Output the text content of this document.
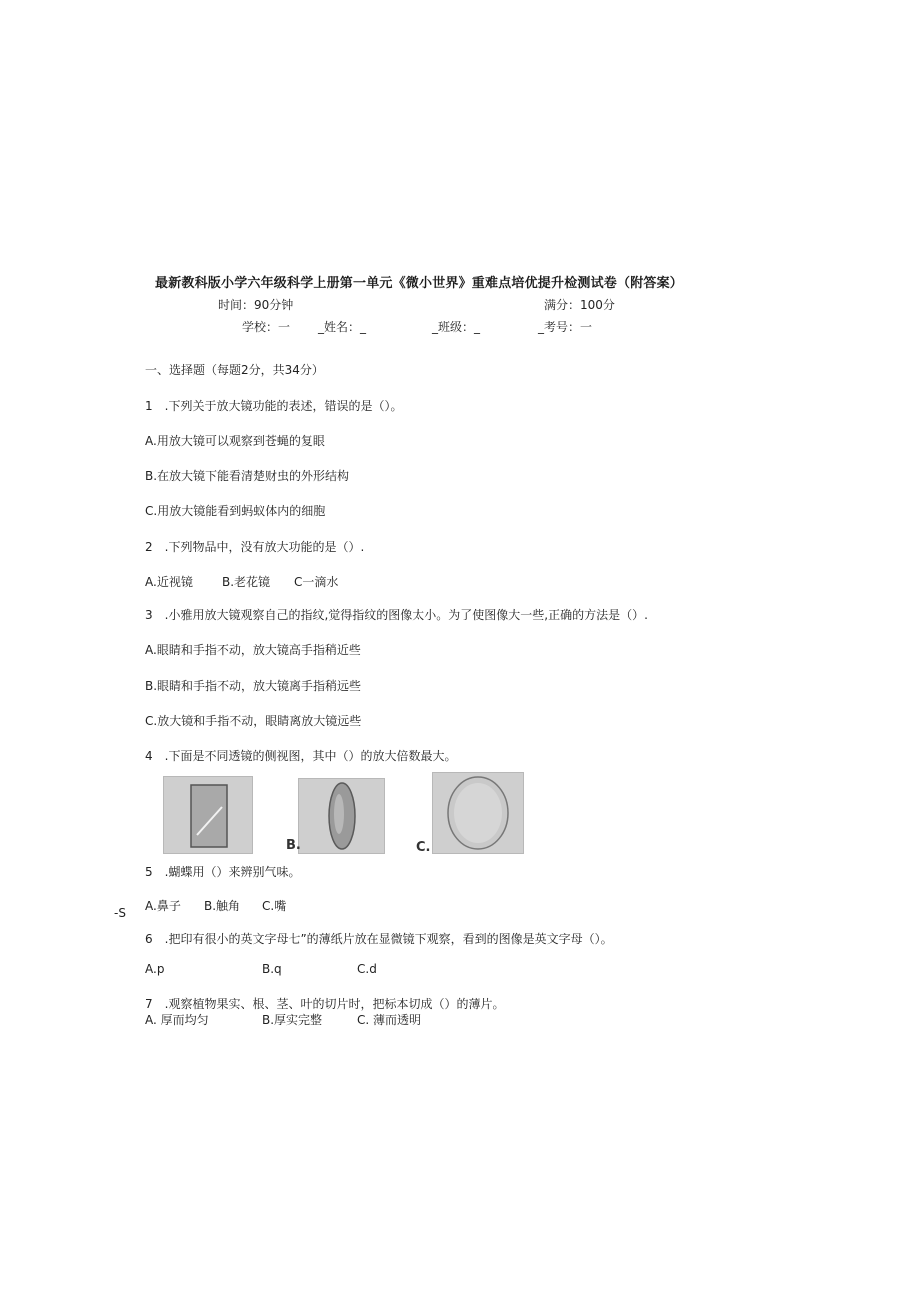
最新教科版小学六年级科学上册第一单元《微小世界》重难点培优提升检测试卷（附答案）
时间：90分钟	满分：100分
学校：一 _姓名：_	_班级：_	_考号：一
一、选择题（每题2分，共34分）
1　.下列关于放大镜功能的表述，错误的是（）。
A.用放大镜可以观察到苍蝇的复眼
B.在放大镜下能看清楚财虫的外形结构
C.用放大镜能看到蚂蚁体内的细胞
2　.下列物品中，没有放大功能的是（）.
A.近视镜 B.老花镜 C一滴水
3　.小雅用放大镜观察自己的指纹,觉得指纹的图像太小。为了使图像大一些,正确的方法是（）.
A.眼睛和手指不动，放大镜高手指稍近些
B.眼睛和手指不动，放大镜离手指稍远些
C.放大镜和手指不动，眼睛离放大镜远些
4　.下面是不同透镜的侧视图，其中（）的放大倍数最大。
B.	C.
5　.蝴蝶用（）来辨别气味。
A.鼻子 B.触角 C.嘴
-S
6　.把印有很小的英文字母七”的薄纸片放在显微镜下观察，看到的图像是英文字母（）。
A.p	B.q	C.d
7　.观察植物果实、根、茎、叶的切片时，把标本切成（）的薄片。
A. 厚而均匀	B.厚实完整	C. 薄而透明
